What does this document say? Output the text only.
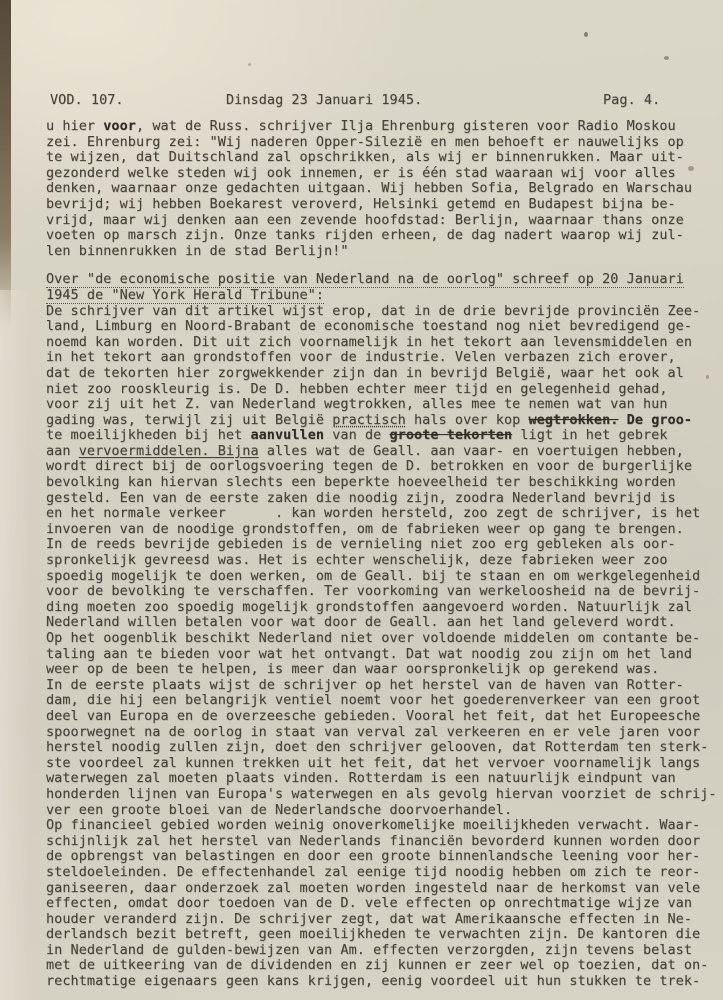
VOD. 107.	Dinsdag 23 Januari 1945.	Pag. 4.
u hier voor, wat de Russ. schrijver Ilja Ehrenburg gisteren voor Radio Moskou
zei. Ehrenburg zei: "Wij naderen Opper-Silezië en men behoeft er nauwelijks op
te wijzen, dat Duitschland zal opschrikken, als wij er binnenrukken. Maar uit-
gezonderd welke steden wij ook innemen, er is één stad waaraan wij voor alles
denken, waarnaar onze gedachten uitgaan. Wij hebben Sofia, Belgrado en Warschau
bevrijd; wij hebben Boekarest veroverd, Helsinki getemd en Budapest bijna be-
vrijd, maar wij denken aan een zevende hoofdstad: Berlijn, waarnaar thans onze
voeten op marsch zijn. Onze tanks rijden erheen, de dag nadert waarop wij zul-
len binnenrukken in de stad Berlijn!"
Over "de economische positie van Nederland na de oorlog" schreef op 20 Januari
1945 de "New York Herald Tribune":
De schrijver van dit artikel wijst erop, dat in de drie bevrijde provinciën Zee-
land, Limburg en Noord-Brabant de economische toestand nog niet bevredigend ge-
noemd kan worden. Dit uit zich voornamelijk in het tekort aan levensmiddelen en
in het tekort aan grondstoffen voor de industrie. Velen verbazen zich erover,
dat de tekorten hier zorgwekkender zijn dan in bevrijd België, waar het ook al
niet zoo rooskleurig is. De D. hebben echter meer tijd en gelegenheid gehad,
voor zij uit het Z. van Nederland wegtrokken, alles mee te nemen wat van hun
gading was, terwijl zij uit België practisch hals over kop wegtrokken. De groo-
te moeilijkheden bij het aanvullen van de groote tekorten ligt in het gebrek
aan vervoermiddelen. Bijna alles wat de Geall. aan vaar- en voertuigen hebben,
wordt direct bij de oorlogsvoering tegen de D. betrokken en voor de burgerlijke
bevolking kan hiervan slechts een beperkte hoeveelheid ter beschikking worden
gesteld. Een van de eerste zaken die noodig zijn, zoodra Nederland bevrijd is
en het normale verkeer      . kan worden hersteld, zoo zegt de schrijver, is het
invoeren van de noodige grondstoffen, om de fabrieken weer op gang te brengen.
In de reeds bevrijde gebieden is de vernieling niet zoo erg gebleken als oor-
spronkelijk gevreesd was. Het is echter wenschelijk, deze fabrieken weer zoo
spoedig mogelijk te doen werken, om de Geall. bij te staan en om werkgelegenheid
voor de bevolking te verschaffen. Ter voorkoming van werkeloosheid na de bevrij-
ding moeten zoo spoedig mogelijk grondstoffen aangevoerd worden. Natuurlijk zal
Nederland willen betalen voor wat door de Geall. aan het land geleverd wordt.
Op het oogenblik beschikt Nederland niet over voldoende middelen om contante be-
taling aan te bieden voor wat het ontvangt. Dat wat noodig zou zijn om het land
weer op de been te helpen, is meer dan waar oorspronkelijk op gerekend was.
In de eerste plaats wijst de schrijver op het herstel van de haven van Rotter-
dam, die hij een belangrijk ventiel noemt voor het goederenverkeer van een groot
deel van Europa en de overzeesche gebieden. Vooral het feit, dat het Europeesche
spoorwegnet na de oorlog in staat van verval zal verkeeren en er vele jaren voor
herstel noodig zullen zijn, doet den schrijver gelooven, dat Rotterdam ten sterk-
ste voordeel zal kunnen trekken uit het feit, dat het vervoer voornamelijk langs
waterwegen zal moeten plaats vinden. Rotterdam is een natuurlijk eindpunt van
honderden lijnen van Europa's waterwegen en als gevolg hiervan voorziet de schrij-
ver een groote bloei van de Nederlandsche doorvoerhandel.
Op financieel gebied worden weinig onoverkomelijke moeilijkheden verwacht. Waar-
schijnlijk zal het herstel van Nederlands financiën bevorderd kunnen worden door
de opbrengst van belastingen en door een groote binnenlandsche leening voor her-
steldoeleinden. De effectenhandel zal eenige tijd noodig hebben om zich te reor-
ganiseeren, daar onderzoek zal moeten worden ingesteld naar de herkomst van vele
effecten, omdat door toedoen van de D. vele effecten op onrechtmatige wijze van
houder veranderd zijn. De schrijver zegt, dat wat Amerikaansche effecten in Ne-
derlandsch bezit betreft, geen moeilijkheden te verwachten zijn. De kantoren die
in Nederland de gulden-bewijzen van Am. effecten verzorgden, zijn tevens belast
met de uitkeering van de dividenden en zij kunnen er zeer wel op toezien, dat on-
rechtmatige eigenaars geen kans krijgen, eenig voordeel uit hun stukken te trek-
